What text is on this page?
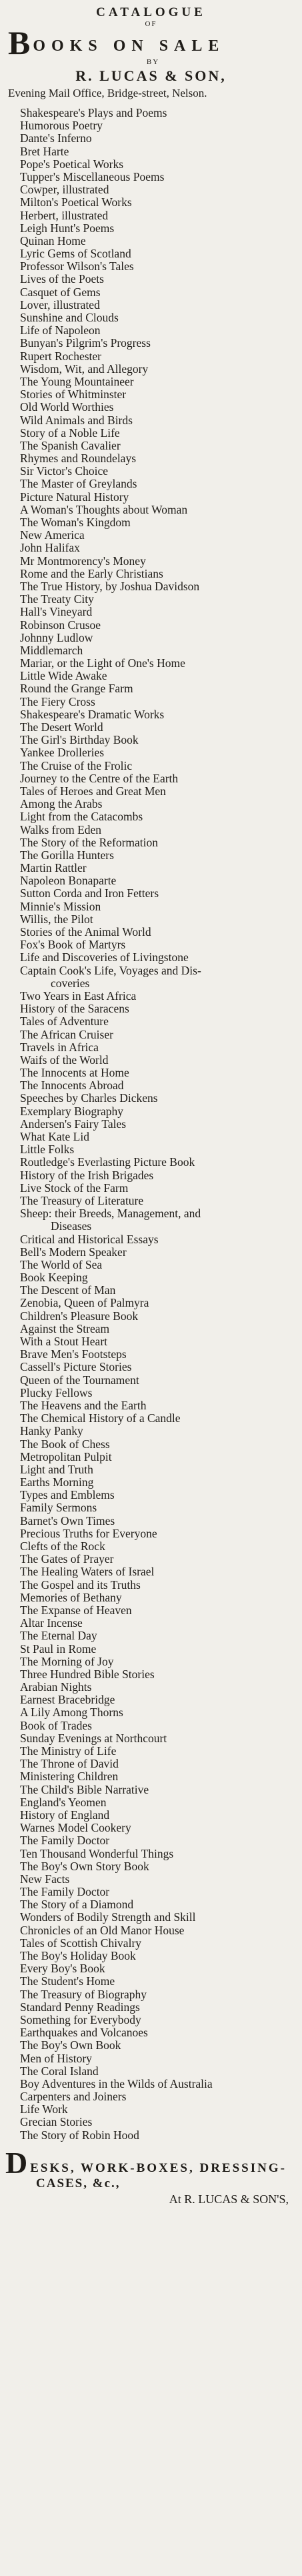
CATALOGUE
OF
B OOKS ON SALE
BY
R. LUCAS & SON,
Evening Mail Office, Bridge-street, Nelson.
Shakespeare's Plays and Poems
Humorous Poetry
Dante's Inferno
Bret Harte
Pope's Poetical Works
Tupper's Miscellaneous Poems
Cowper, illustrated
Milton's Poetical Works
Herbert, illustrated
Leigh Hunt's Poems
Quinan Home
Lyric Gems of Scotland
Professor Wilson's Tales
Lives of the Poets
Casquet of Gems
Lover, illustrated
Sunshine and Clouds
Life of Napoleon
Bunyan's Pilgrim's Progress
Rupert Rochester
Wisdom, Wit, and Allegory
The Young Mountaineer
Stories of Whitminster
Old World Worthies
Wild Animals and Birds
Story of a Noble Life
The Spanish Cavalier
Rhymes and Roundelays
Sir Victor's Choice
The Master of Greylands
Picture Natural History
A Woman's Thoughts about Woman
The Woman's Kingdom
New America
John Halifax
Mr Montmorency's Money
Rome and the Early Christians
The True History, by Joshua Davidson
The Treaty City
Hall's Vineyard
Robinson Crusoe
Johnny Ludlow
Middlemarch
Mariar, or the Light of One's Home
Little Wide Awake
Round the Grange Farm
The Fiery Cross
Shakespeare's Dramatic Works
The Desert World
The Girl's Birthday Book
Yankee Drolleries
The Cruise of the Frolic
Journey to the Centre of the Earth
Tales of Heroes and Great Men
Among the Arabs
Light from the Catacombs
Walks from Eden
The Story of the Reformation
The Gorilla Hunters
Martin Rattler
Napoleon Bonaparte
Sutton Corda and Iron Fetters
Minnie's Mission
Willis, the Pilot
Stories of the Animal World
Fox's Book of Martyrs
Life and Discoveries of Livingstone
Captain Cook's Life, Voyages and Dis-
coveries
Two Years in East Africa
History of the Saracens
Tales of Adventure
The African Cruiser
Travels in Africa
Waifs of the World
The Innocents at Home
The Innocents Abroad
Speeches by Charles Dickens
Exemplary Biography
Andersen's Fairy Tales
What Kate Lid
Little Folks
Routledge's Everlasting Picture Book
History of the Irish Brigades
Live Stock of the Farm
The Treasury of Literature
Sheep: their Breeds, Management, and
Diseases
Critical and Historical Essays
Bell's Modern Speaker
The World of Sea
Book Keeping
The Descent of Man
Zenobia, Queen of Palmyra
Children's Pleasure Book
Against the Stream
With a Stout Heart
Brave Men's Footsteps
Cassell's Picture Stories
Queen of the Tournament
Plucky Fellows
The Heavens and the Earth
The Chemical History of a Candle
Hanky Panky
The Book of Chess
Metropolitan Pulpit
Light and Truth
Earths Morning
Types and Emblems
Family Sermons
Barnet's Own Times
Precious Truths for Everyone
Clefts of the Rock
The Gates of Prayer
The Healing Waters of Israel
The Gospel and its Truths
Memories of Bethany
The Expanse of Heaven
Altar Incense
The Eternal Day
St Paul in Rome
The Morning of Joy
Three Hundred Bible Stories
Arabian Nights
Earnest Bracebridge
A Lily Among Thorns
Book of Trades
Sunday Evenings at Northcourt
The Ministry of Life
The Throne of David
Ministering Children
The Child's Bible Narrative
England's Yeomen
History of England
Warnes Model Cookery
The Family Doctor
Ten Thousand Wonderful Things
The Boy's Own Story Book
New Facts
The Family Doctor
The Story of a Diamond
Wonders of Bodily Strength and Skill
Chronicles of an Old Manor House
Tales of Scottish Chivalry
The Boy's Holiday Book
Every Boy's Book
The Student's Home
The Treasury of Biography
Standard Penny Readings
Something for Everybody
Earthquakes and Volcanoes
The Boy's Own Book
Men of History
The Coral Island
Boy Adventures in the Wilds of Australia
Carpenters and Joiners
Life Work
Grecian Stories
The Story of Robin Hood
D ESKS, WORK-BOXES, DRESSING-
CASES, &c.,
At R. LUCAS & SON'S,
